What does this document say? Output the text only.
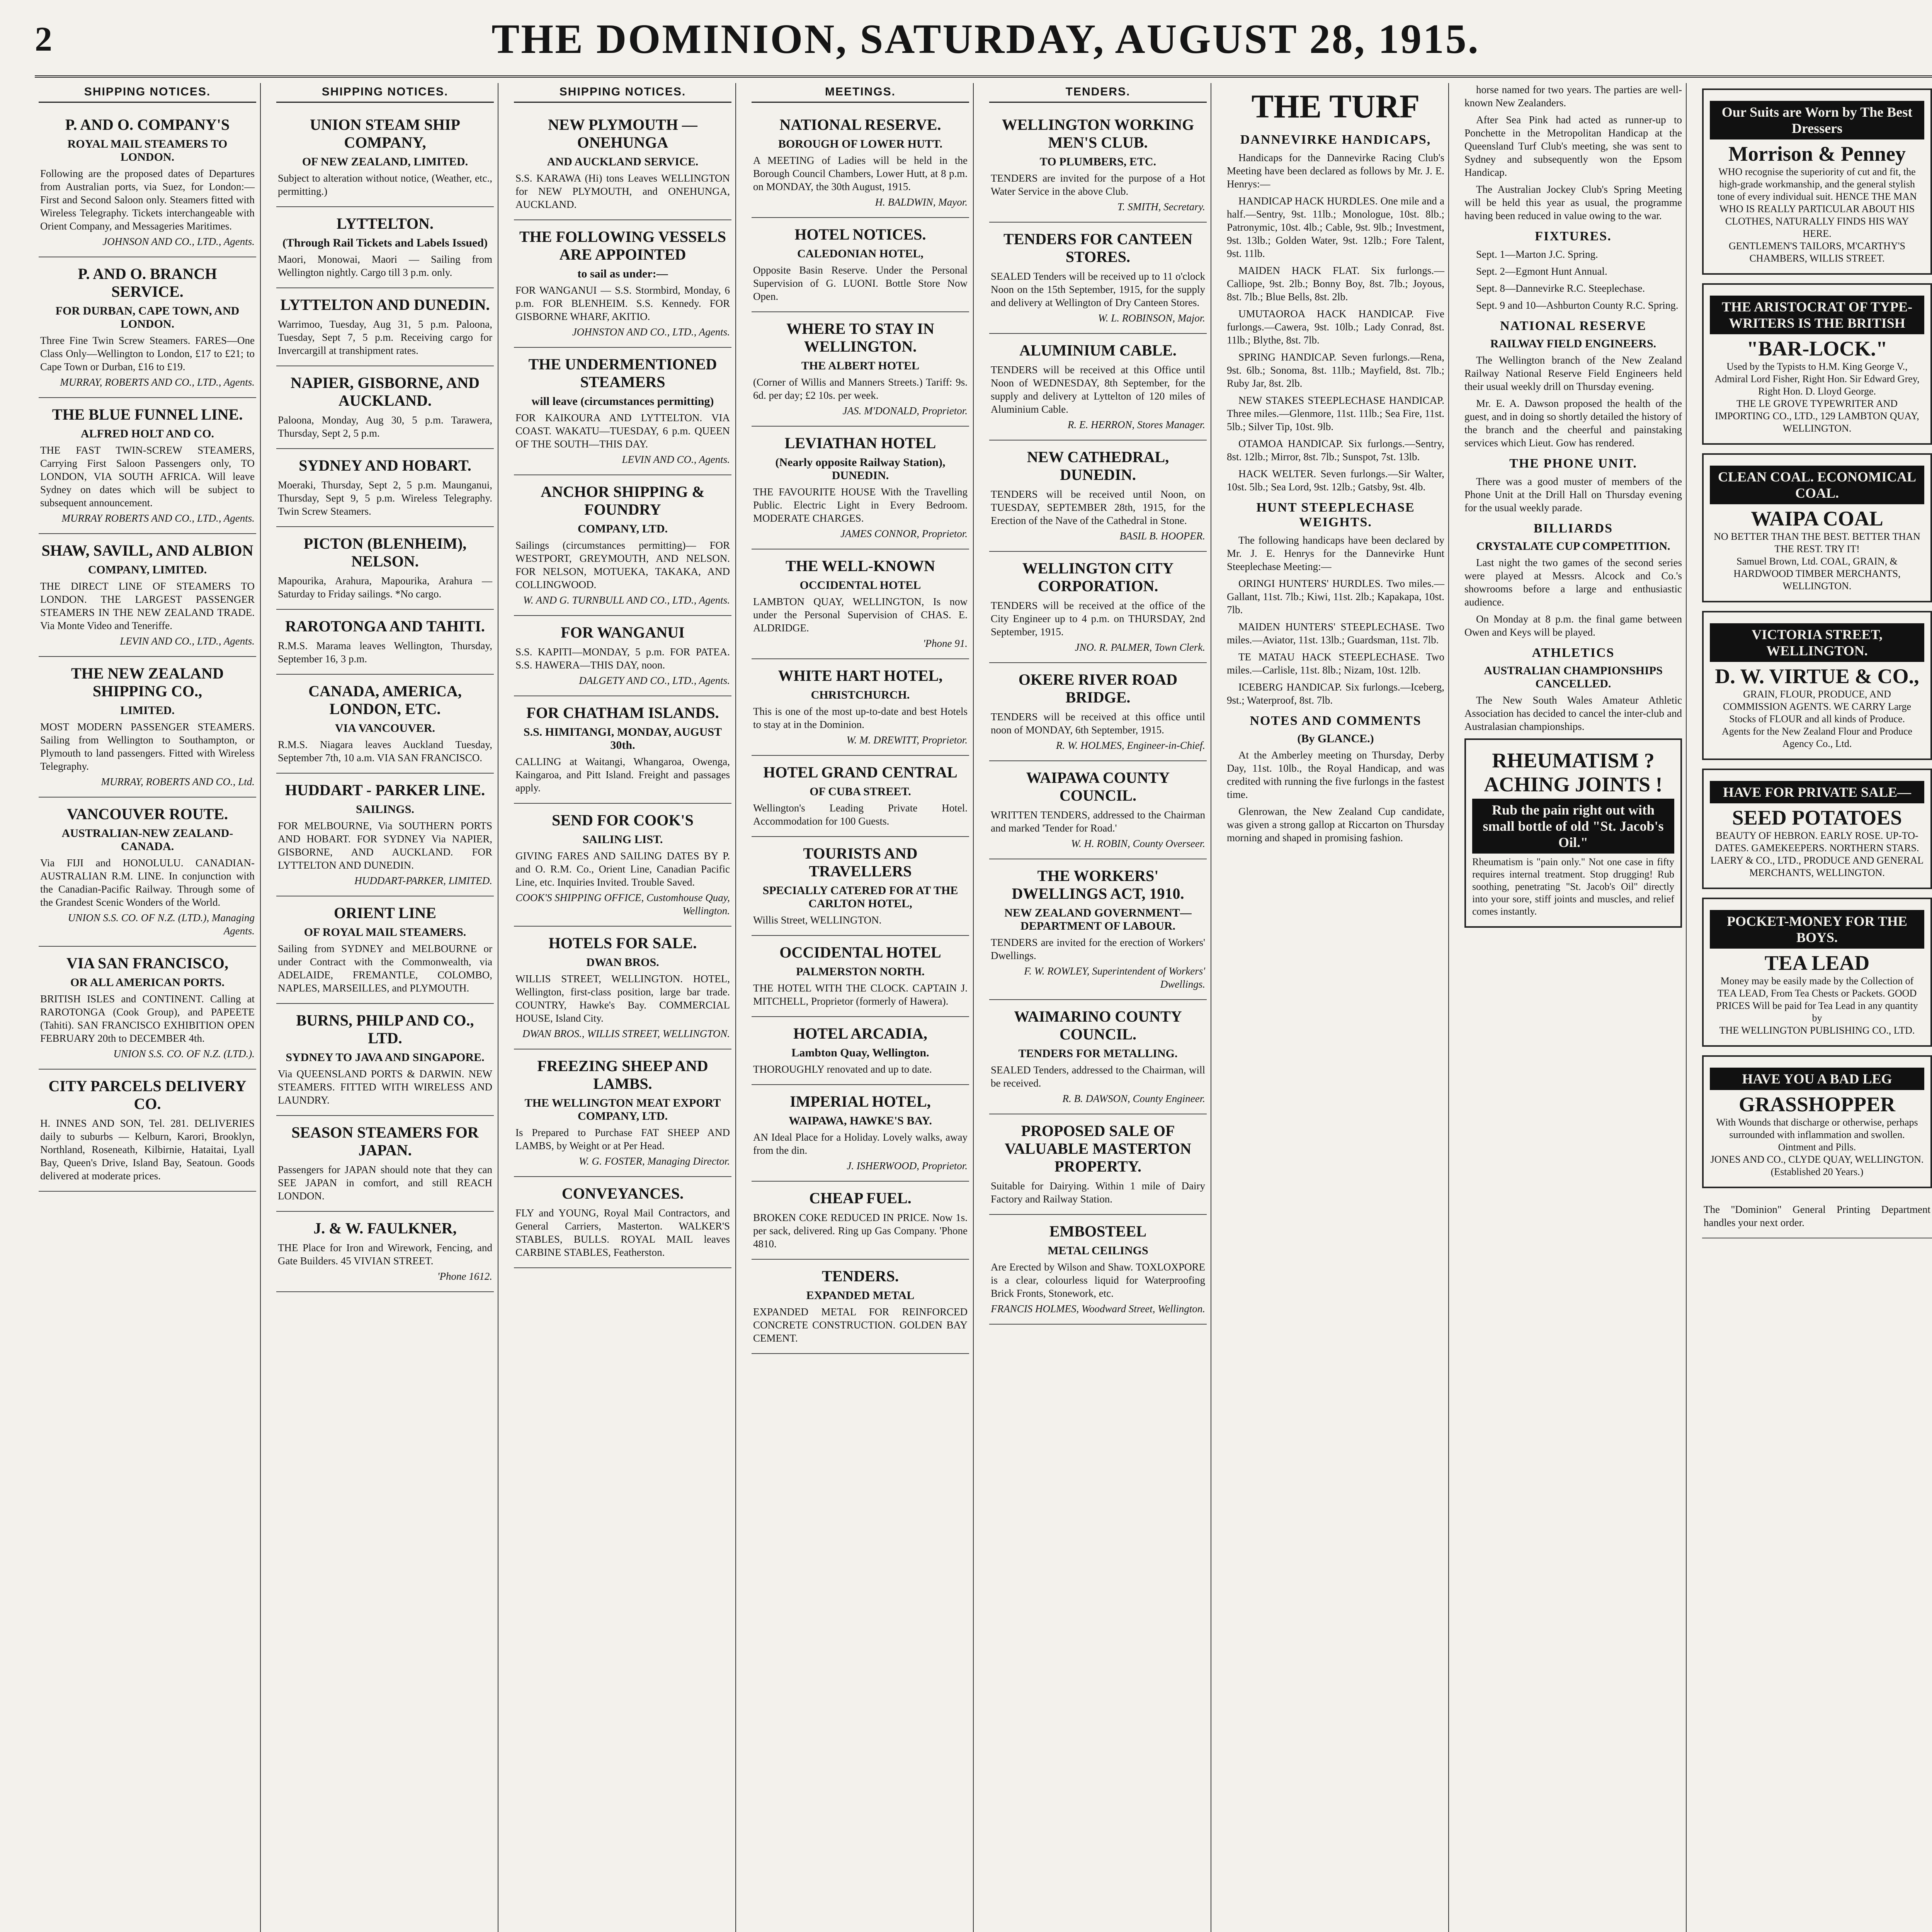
2	THE DOMINION, SATURDAY, AUGUST 28, 1915.
SHIPPING NOTICES.
P. AND O. COMPANY'S
ROYAL MAIL STEAMERS TO LONDON.
Following are the proposed dates of Departures from Australian ports, via Suez, for London:— First and Second Saloon only. Steamers fitted with Wireless Telegraphy. Tickets interchangeable with Orient Company, and Messageries Maritimes.
JOHNSON AND CO., LTD., Agents.
P. AND O. BRANCH SERVICE.
FOR DURBAN, CAPE TOWN, AND LONDON.
Three Fine Twin Screw Steamers. FARES—One Class Only—Wellington to London, £17 to £21; to Cape Town or Durban, £16 to £19.
MURRAY, ROBERTS AND CO., LTD., Agents.
THE BLUE FUNNEL LINE.
ALFRED HOLT AND CO.
THE FAST TWIN-SCREW STEAMERS, Carrying First Saloon Passengers only, TO LONDON, VIA SOUTH AFRICA. Will leave Sydney on dates which will be subject to subsequent announcement.
MURRAY ROBERTS AND CO., LTD., Agents.
SHAW, SAVILL, AND ALBION
COMPANY, LIMITED.
THE DIRECT LINE OF STEAMERS TO LONDON. THE LARGEST PASSENGER STEAMERS IN THE NEW ZEALAND TRADE. Via Monte Video and Teneriffe.
LEVIN AND CO., LTD., Agents.
THE NEW ZEALAND SHIPPING CO.,
LIMITED.
MOST MODERN PASSENGER STEAMERS. Sailing from Wellington to Southampton, or Plymouth to land passengers. Fitted with Wireless Telegraphy.
MURRAY, ROBERTS AND CO., Ltd.
VANCOUVER ROUTE.
AUSTRALIAN-NEW ZEALAND-CANADA.
Via FIJI and HONOLULU. CANADIAN-AUSTRALIAN R.M. LINE. In conjunction with the Canadian-Pacific Railway. Through some of the Grandest Scenic Wonders of the World.
UNION S.S. CO. OF N.Z. (LTD.), Managing Agents.
VIA SAN FRANCISCO,
OR ALL AMERICAN PORTS.
BRITISH ISLES and CONTINENT. Calling at RAROTONGA (Cook Group), and PAPEETE (Tahiti). SAN FRANCISCO EXHIBITION OPEN FEBRUARY 20th to DECEMBER 4th.
UNION S.S. CO. OF N.Z. (LTD.).
CITY PARCELS DELIVERY CO.
H. INNES AND SON, Tel. 281. DELIVERIES daily to suburbs — Kelburn, Karori, Brooklyn, Northland, Roseneath, Kilbirnie, Hataitai, Lyall Bay, Queen's Drive, Island Bay, Seatoun. Goods delivered at moderate prices.
SHIPPING NOTICES.
UNION STEAM SHIP COMPANY,
OF NEW ZEALAND, LIMITED.
Subject to alteration without notice, (Weather, etc., permitting.)
LYTTELTON.
(Through Rail Tickets and Labels Issued)
Maori, Monowai, Maori — Sailing from Wellington nightly. Cargo till 3 p.m. only.
LYTTELTON AND DUNEDIN.
Warrimoo, Tuesday, Aug 31, 5 p.m. Paloona, Tuesday, Sept 7, 5 p.m. Receiving cargo for Invercargill at transhipment rates.
NAPIER, GISBORNE, AND AUCKLAND.
Paloona, Monday, Aug 30, 5 p.m. Tarawera, Thursday, Sept 2, 5 p.m.
SYDNEY AND HOBART.
Moeraki, Thursday, Sept 2, 5 p.m. Maunganui, Thursday, Sept 9, 5 p.m. Wireless Telegraphy. Twin Screw Steamers.
PICTON (BLENHEIM), NELSON.
Mapourika, Arahura, Mapourika, Arahura — Saturday to Friday sailings. *No cargo.
RAROTONGA AND TAHITI.
R.M.S. Marama leaves Wellington, Thursday, September 16, 3 p.m.
CANADA, AMERICA, LONDON, ETC.
VIA VANCOUVER.
R.M.S. Niagara leaves Auckland Tuesday, September 7th, 10 a.m. VIA SAN FRANCISCO.
HUDDART - PARKER LINE.
SAILINGS.
FOR MELBOURNE, Via SOUTHERN PORTS AND HOBART. FOR SYDNEY Via NAPIER, GISBORNE, AND AUCKLAND. FOR LYTTELTON AND DUNEDIN.
HUDDART-PARKER, LIMITED.
ORIENT LINE
OF ROYAL MAIL STEAMERS.
Sailing from SYDNEY and MELBOURNE or under Contract with the Commonwealth, via ADELAIDE, FREMANTLE, COLOMBO, NAPLES, MARSEILLES, and PLYMOUTH.
BURNS, PHILP AND CO., LTD.
SYDNEY TO JAVA AND SINGAPORE.
Via QUEENSLAND PORTS & DARWIN. NEW STEAMERS. FITTED WITH WIRELESS AND LAUNDRY.
SEASON STEAMERS FOR JAPAN.
Passengers for JAPAN should note that they can SEE JAPAN in comfort, and still REACH LONDON.
J. & W. FAULKNER,
THE Place for Iron and Wirework, Fencing, and Gate Builders. 45 VIVIAN STREET.
'Phone 1612.
SHIPPING NOTICES.
NEW PLYMOUTH — ONEHUNGA
AND AUCKLAND SERVICE.
S.S. KARAWA (Hi) tons Leaves WELLINGTON for NEW PLYMOUTH, and ONEHUNGA, AUCKLAND.
THE FOLLOWING VESSELS ARE APPOINTED
to sail as under:—
FOR WANGANUI — S.S. Stormbird, Monday, 6 p.m. FOR BLENHEIM. S.S. Kennedy. FOR GISBORNE WHARF, AKITIO.
JOHNSTON AND CO., LTD., Agents.
THE UNDERMENTIONED STEAMERS
will leave (circumstances permitting)
FOR KAIKOURA AND LYTTELTON. VIA COAST. WAKATU—TUESDAY, 6 p.m. QUEEN OF THE SOUTH—THIS DAY.
LEVIN AND CO., Agents.
ANCHOR SHIPPING & FOUNDRY
COMPANY, LTD.
Sailings (circumstances permitting)— FOR WESTPORT, GREYMOUTH, AND NELSON. FOR NELSON, MOTUEKA, TAKAKA, AND COLLINGWOOD.
W. AND G. TURNBULL AND CO., LTD., Agents.
FOR WANGANUI
S.S. KAPITI—MONDAY, 5 p.m. FOR PATEA. S.S. HAWERA—THIS DAY, noon.
DALGETY AND CO., LTD., Agents.
FOR CHATHAM ISLANDS.
S.S. HIMITANGI, MONDAY, AUGUST 30th.
CALLING at Waitangi, Whangaroa, Owenga, Kaingaroa, and Pitt Island. Freight and passages apply.
SEND FOR COOK'S
SAILING LIST.
GIVING FARES AND SAILING DATES BY P. and O. R.M. Co., Orient Line, Canadian Pacific Line, etc. Inquiries Invited. Trouble Saved.
COOK'S SHIPPING OFFICE, Customhouse Quay, Wellington.
HOTELS FOR SALE.
DWAN BROS.
WILLIS STREET, WELLINGTON. HOTEL, Wellington, first-class position, large bar trade. COUNTRY, Hawke's Bay. COMMERCIAL HOUSE, Island City.
DWAN BROS., WILLIS STREET, WELLINGTON.
FREEZING SHEEP AND LAMBS.
THE WELLINGTON MEAT EXPORT COMPANY, LTD.
Is Prepared to Purchase FAT SHEEP AND LAMBS, by Weight or at Per Head.
W. G. FOSTER, Managing Director.
CONVEYANCES.
FLY and YOUNG, Royal Mail Contractors, and General Carriers, Masterton. WALKER'S STABLES, BULLS. ROYAL MAIL leaves CARBINE STABLES, Featherston.
MEETINGS.
NATIONAL RESERVE.
BOROUGH OF LOWER HUTT.
A MEETING of Ladies will be held in the Borough Council Chambers, Lower Hutt, at 8 p.m. on MONDAY, the 30th August, 1915.
H. BALDWIN, Mayor.
HOTEL NOTICES.
CALEDONIAN HOTEL,
Opposite Basin Reserve. Under the Personal Supervision of G. LUONI. Bottle Store Now Open.
WHERE TO STAY IN WELLINGTON.
THE ALBERT HOTEL
(Corner of Willis and Manners Streets.) Tariff: 9s. 6d. per day; £2 10s. per week.
JAS. M'DONALD, Proprietor.
LEVIATHAN HOTEL
(Nearly opposite Railway Station), DUNEDIN.
THE FAVOURITE HOUSE With the Travelling Public. Electric Light in Every Bedroom. MODERATE CHARGES.
JAMES CONNOR, Proprietor.
THE WELL-KNOWN
OCCIDENTAL HOTEL
LAMBTON QUAY, WELLINGTON, Is now under the Personal Supervision of CHAS. E. ALDRIDGE.
'Phone 91.
WHITE HART HOTEL,
CHRISTCHURCH.
This is one of the most up-to-date and best Hotels to stay at in the Dominion.
W. M. DREWITT, Proprietor.
HOTEL GRAND CENTRAL
OF CUBA STREET.
Wellington's Leading Private Hotel. Accommodation for 100 Guests.
TOURISTS AND TRAVELLERS
SPECIALLY CATERED FOR AT THE CARLTON HOTEL,
Willis Street, WELLINGTON.
OCCIDENTAL HOTEL
PALMERSTON NORTH.
THE HOTEL WITH THE CLOCK. CAPTAIN J. MITCHELL, Proprietor (formerly of Hawera).
HOTEL ARCADIA,
Lambton Quay, Wellington.
THOROUGHLY renovated and up to date.
IMPERIAL HOTEL,
WAIPAWA, HAWKE'S BAY.
AN Ideal Place for a Holiday. Lovely walks, away from the din.
J. ISHERWOOD, Proprietor.
CHEAP FUEL.
BROKEN COKE REDUCED IN PRICE. Now 1s. per sack, delivered. Ring up Gas Company. 'Phone 4810.
TENDERS.
EXPANDED METAL
EXPANDED METAL FOR REINFORCED CONCRETE CONSTRUCTION. GOLDEN BAY CEMENT.
TENDERS.
WELLINGTON WORKING MEN'S CLUB.
TO PLUMBERS, ETC.
TENDERS are invited for the purpose of a Hot Water Service in the above Club.
T. SMITH, Secretary.
TENDERS FOR CANTEEN STORES.
SEALED Tenders will be received up to 11 o'clock Noon on the 15th September, 1915, for the supply and delivery at Wellington of Dry Canteen Stores.
W. L. ROBINSON, Major.
ALUMINIUM CABLE.
TENDERS will be received at this Office until Noon of WEDNESDAY, 8th September, for the supply and delivery at Lyttelton of 120 miles of Aluminium Cable.
R. E. HERRON, Stores Manager.
NEW CATHEDRAL, DUNEDIN.
TENDERS will be received until Noon, on TUESDAY, SEPTEMBER 28th, 1915, for the Erection of the Nave of the Cathedral in Stone.
BASIL B. HOOPER.
WELLINGTON CITY CORPORATION.
TENDERS will be received at the office of the City Engineer up to 4 p.m. on THURSDAY, 2nd September, 1915.
JNO. R. PALMER, Town Clerk.
OKERE RIVER ROAD BRIDGE.
TENDERS will be received at this office until noon of MONDAY, 6th September, 1915.
R. W. HOLMES, Engineer-in-Chief.
WAIPAWA COUNTY COUNCIL.
WRITTEN TENDERS, addressed to the Chairman and marked 'Tender for Road.'
W. H. ROBIN, County Overseer.
THE WORKERS' DWELLINGS ACT, 1910.
NEW ZEALAND GOVERNMENT—DEPARTMENT OF LABOUR.
TENDERS are invited for the erection of Workers' Dwellings.
F. W. ROWLEY, Superintendent of Workers' Dwellings.
WAIMARINO COUNTY COUNCIL.
TENDERS FOR METALLING.
SEALED Tenders, addressed to the Chairman, will be received.
R. B. DAWSON, County Engineer.
PROPOSED SALE OF VALUABLE MASTERTON PROPERTY.
Suitable for Dairying. Within 1 mile of Dairy Factory and Railway Station.
EMBOSTEEL
METAL CEILINGS
Are Erected by Wilson and Shaw. TOXLOXPORE is a clear, colourless liquid for Waterproofing Brick Fronts, Stonework, etc.
FRANCIS HOLMES, Woodward Street, Wellington.
THE TURF
DANNEVIRKE HANDICAPS,

Handicaps for the Dannevirke Racing Club's Meeting have been declared as follows by Mr. J. E. Henrys:—

HANDICAP HACK HURDLES. One mile and a half.—Sentry, 9st. 11lb.; Monologue, 10st. 8lb.; Patronymic, 10st. 4lb.; Cable, 9st. 9lb.; Investment, 9st. 13lb.; Golden Water, 9st. 12lb.; Fore Talent, 9st. 11lb.

MAIDEN HACK FLAT. Six furlongs.—Calliope, 9st. 2lb.; Bonny Boy, 8st. 7lb.; Joyous, 8st. 7lb.; Blue Bells, 8st. 2lb.

UMUTAOROA HACK HANDICAP. Five furlongs.—Cawera, 9st. 10lb.; Lady Conrad, 8st. 11lb.; Blythe, 8st. 7lb.

SPRING HANDICAP. Seven furlongs.—Rena, 9st. 6lb.; Sonoma, 8st. 11lb.; Mayfield, 8st. 7lb.; Ruby Jar, 8st. 2lb.

NEW STAKES STEEPLECHASE HANDICAP. Three miles.—Glenmore, 11st. 11lb.; Sea Fire, 11st. 5lb.; Silver Tip, 10st. 9lb.

OTAMOA HANDICAP. Six furlongs.—Sentry, 8st. 12lb.; Mirror, 8st. 7lb.; Sunspot, 7st. 13lb.

HACK WELTER. Seven furlongs.—Sir Walter, 10st. 5lb.; Sea Lord, 9st. 12lb.; Gatsby, 9st. 4lb.

HUNT STEEPLECHASE WEIGHTS.

The following handicaps have been declared by Mr. J. E. Henrys for the Dannevirke Hunt Steeplechase Meeting:—

ORINGI HUNTERS' HURDLES. Two miles.—Gallant, 11st. 7lb.; Kiwi, 11st. 2lb.; Kapakapa, 10st. 7lb.

MAIDEN HUNTERS' STEEPLECHASE. Two miles.—Aviator, 11st. 13lb.; Guardsman, 11st. 7lb.

TE MATAU HACK STEEPLECHASE. Two miles.—Carlisle, 11st. 8lb.; Nizam, 10st. 12lb.

ICEBERG HANDICAP. Six furlongs.—Iceberg, 9st.; Waterproof, 8st. 7lb.

NOTES AND COMMENTS
(By GLANCE.)

At the Amberley meeting on Thursday, Derby Day, 11st. 10lb., the Royal Handicap, and was credited with running the five furlongs in the fastest time.

Glenrowan, the New Zealand Cup candidate, was given a strong gallop at Riccarton on Thursday morning and shaped in promising fashion.

horse named for two years. The parties are well-known New Zealanders.

After Sea Pink had acted as runner-up to Ponchette in the Metropolitan Handicap at the Queensland Turf Club's meeting, she was sent to Sydney and subsequently won the Epsom Handicap.

The Australian Jockey Club's Spring Meeting will be held this year as usual, the programme having been reduced in value owing to the war.

FIXTURES.
Sept. 1—Marton J.C. Spring.
Sept. 2—Egmont Hunt Annual.
Sept. 8—Dannevirke R.C. Steeplechase.
Sept. 9 and 10—Ashburton County R.C. Spring.
NATIONAL RESERVE
RAILWAY FIELD ENGINEERS.

The Wellington branch of the New Zealand Railway National Reserve Field Engineers held their usual weekly drill on Thursday evening.

Mr. E. A. Dawson proposed the health of the guest, and in doing so shortly detailed the history of the branch and the cheerful and painstaking services which Lieut. Gow has rendered.

THE PHONE UNIT.

There was a good muster of members of the Phone Unit at the Drill Hall on Thursday evening for the usual weekly parade.

BILLIARDS
CRYSTALATE CUP COMPETITION.

Last night the two games of the second series were played at Messrs. Alcock and Co.'s showrooms before a large and enthusiastic audience.

On Monday at 8 p.m. the final game between Owen and Keys will be played.

ATHLETICS
AUSTRALIAN CHAMPIONSHIPS CANCELLED.

The New South Wales Amateur Athletic Association has decided to cancel the inter-club and Australasian championships.

RHEUMATISM ? ACHING JOINTS !
Rub the pain right out with small bottle of old "St. Jacob's Oil."
Rheumatism is "pain only." Not one case in fifty requires internal treatment. Stop drugging! Rub soothing, penetrating "St. Jacob's Oil" directly into your sore, stiff joints and muscles, and relief comes instantly.
Our Suits are Worn by The Best Dressers
Morrison & Penney
WHO recognise the superiority of cut and fit, the high-grade workmanship, and the general stylish tone of every individual suit. HENCE THE MAN WHO IS REALLY PARTICULAR ABOUT HIS CLOTHES, NATURALLY FINDS HIS WAY HERE.
GENTLEMEN'S TAILORS, M'CARTHY'S CHAMBERS, WILLIS STREET.
THE ARISTOCRAT OF TYPE-WRITERS IS THE BRITISH
"BAR-LOCK."
Used by the Typists to H.M. King George V., Admiral Lord Fisher, Right Hon. Sir Edward Grey, Right Hon. D. Lloyd George.
THE LE GROVE TYPEWRITER AND IMPORTING CO., LTD., 129 LAMBTON QUAY, WELLINGTON.
CLEAN COAL. ECONOMICAL COAL.
WAIPA COAL
NO BETTER THAN THE BEST. BETTER THAN THE REST. TRY IT!
Samuel Brown, Ltd. COAL, GRAIN, & HARDWOOD TIMBER MERCHANTS, WELLINGTON.
VICTORIA STREET, WELLINGTON.
D. W. VIRTUE & CO.,
GRAIN, FLOUR, PRODUCE, AND COMMISSION AGENTS. WE CARRY Large Stocks of FLOUR and all kinds of Produce.
Agents for the New Zealand Flour and Produce Agency Co., Ltd.
HAVE FOR PRIVATE SALE—
SEED POTATOES
BEAUTY OF HEBRON. EARLY ROSE. UP-TO-DATES. GAMEKEEPERS. NORTHERN STARS.
LAERY & CO., LTD., PRODUCE AND GENERAL MERCHANTS, WELLINGTON.
POCKET-MONEY FOR THE BOYS.
TEA LEAD
Money may be easily made by the Collection of TEA LEAD, From Tea Chests or Packets. GOOD PRICES Will be paid for Tea Lead in any quantity by
THE WELLINGTON PUBLISHING CO., LTD.
HAVE YOU A BAD LEG
GRASSHOPPER
With Wounds that discharge or otherwise, perhaps surrounded with inflammation and swollen. Ointment and Pills.
JONES AND CO., CLYDE QUAY, WELLINGTON. (Established 20 Years.)
The "Dominion" General Printing Department handles your next order.
